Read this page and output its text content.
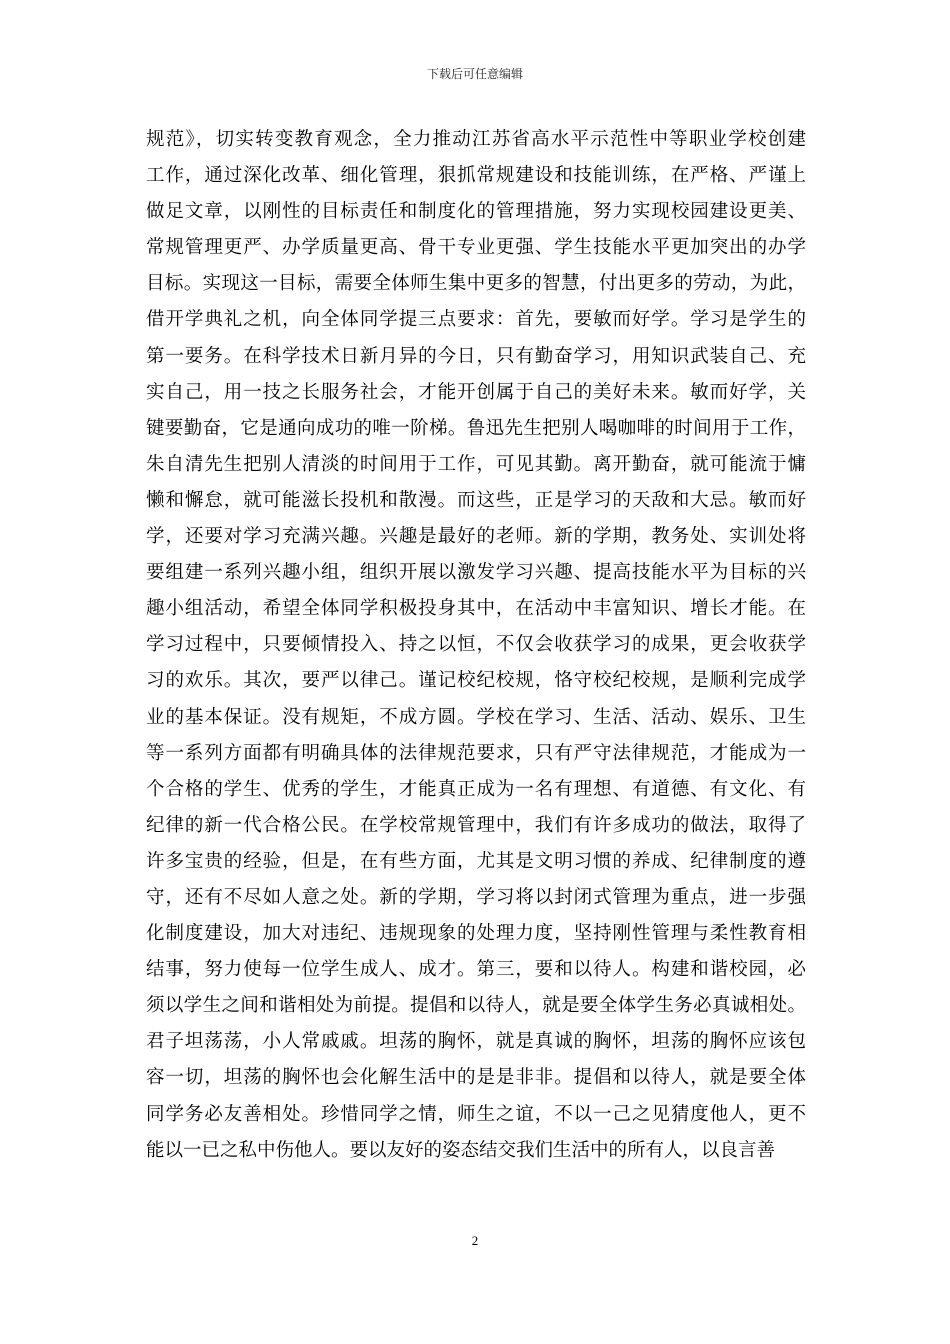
下载后可任意编辑
规范》，切实转变教育观念，全力推动江苏省高水平示范性中等职业学校创建
工作，通过深化改革、细化管理，狠抓常规建设和技能训练，在严格、严谨上
做足文章，以刚性的目标责任和制度化的管理措施，努力实现校园建设更美、
常规管理更严、办学质量更高、骨干专业更强、学生技能水平更加突出的办学
目标。实现这一目标，需要全体师生集中更多的智慧，付出更多的劳动，为此，
借开学典礼之机，向全体同学提三点要求：首先，要敏而好学。学习是学生的
第一要务。在科学技术日新月异的今日，只有勤奋学习，用知识武装自己、充
实自己，用一技之长服务社会，才能开创属于自己的美好未来。敏而好学，关
键要勤奋，它是通向成功的唯一阶梯。鲁迅先生把别人喝咖啡的时间用于工作，
朱自清先生把别人清淡的时间用于工作，可见其勤。离开勤奋，就可能流于慵
懒和懈怠，就可能滋长投机和散漫。而这些，正是学习的天敌和大忌。敏而好
学，还要对学习充满兴趣。兴趣是最好的老师。新的学期，教务处、实训处将
要组建一系列兴趣小组，组织开展以激发学习兴趣、提高技能水平为目标的兴
趣小组活动，希望全体同学积极投身其中，在活动中丰富知识、增长才能。在
学习过程中，只要倾情投入、持之以恒，不仅会收获学习的成果，更会收获学
习的欢乐。其次，要严以律己。谨记校纪校规，恪守校纪校规，是顺利完成学
业的基本保证。没有规矩，不成方圆。学校在学习、生活、活动、娱乐、卫生
等一系列方面都有明确具体的法律规范要求，只有严守法律规范，才能成为一
个合格的学生、优秀的学生，才能真正成为一名有理想、有道德、有文化、有
纪律的新一代合格公民。在学校常规管理中，我们有许多成功的做法，取得了
许多宝贵的经验，但是，在有些方面，尤其是文明习惯的养成、纪律制度的遵
守，还有不尽如人意之处。新的学期，学习将以封闭式管理为重点，进一步强
化制度建设，加大对违纪、违规现象的处理力度，坚持刚性管理与柔性教育相
结事，努力使每一位学生成人、成才。第三，要和以待人。构建和谐校园，必
须以学生之间和谐相处为前提。提倡和以待人，就是要全体学生务必真诚相处。
君子坦荡荡，小人常戚戚。坦荡的胸怀，就是真诚的胸怀，坦荡的胸怀应该包
容一切，坦荡的胸怀也会化解生活中的是是非非。提倡和以待人，就是要全体
同学务必友善相处。珍惜同学之情，师生之谊，不以一己之见猜度他人，更不
能以一已之私中伤他人。要以友好的姿态结交我们生活中的所有人，以良言善
2
